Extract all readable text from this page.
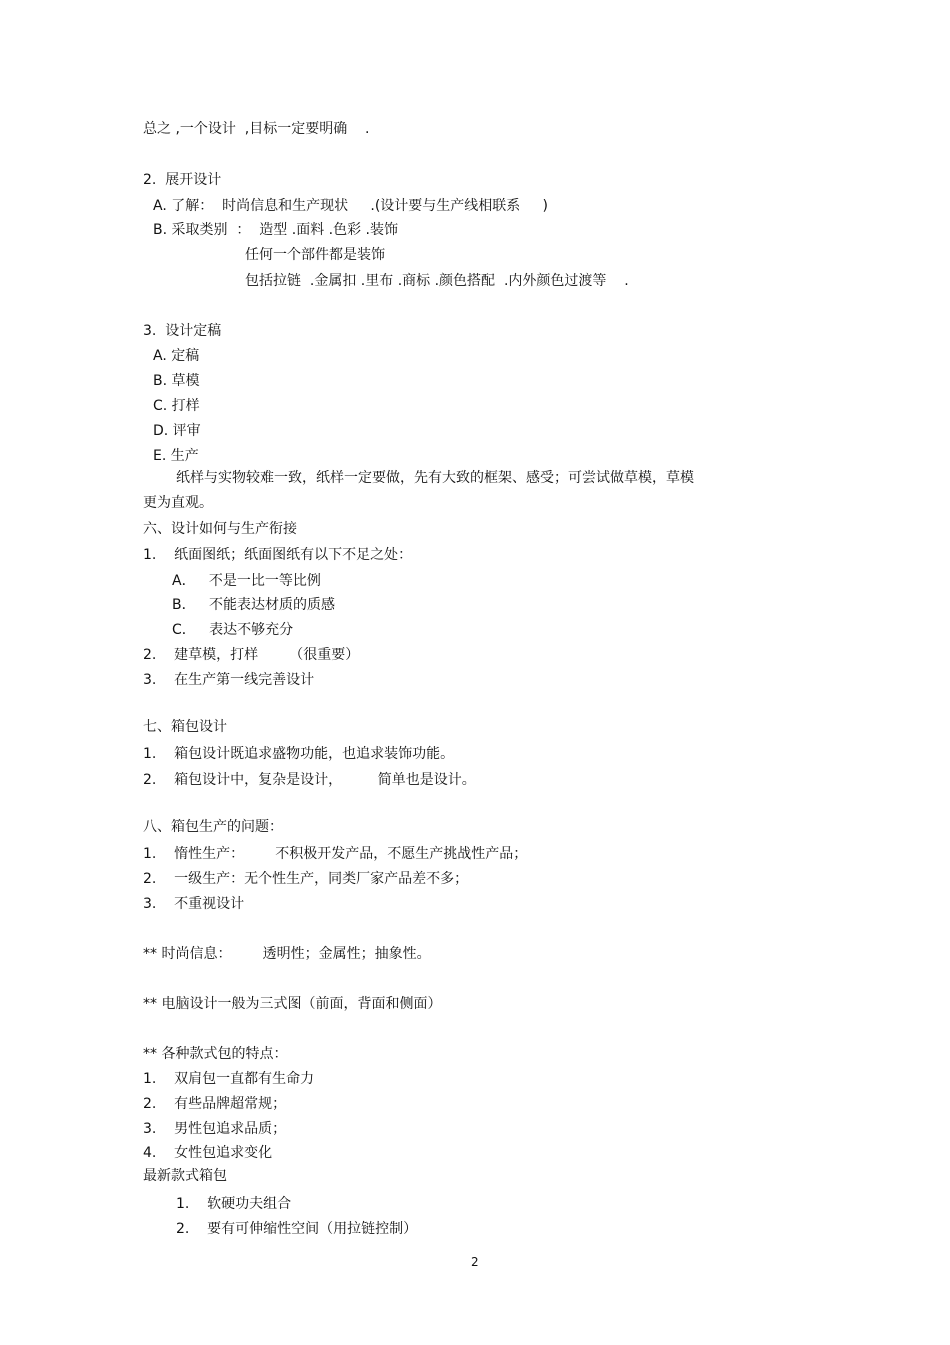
总之 ,一个设计  ,目标一定要明确    .
2.  展开设计
A. 了解：  时尚信息和生产现状     .(设计要与生产线相联系     )
B. 采取类别  ：  造型 .面料 .色彩 .装饰
任何一个部件都是装饰
包括拉链  .金属扣 .里布 .商标 .颜色搭配  .内外颜色过渡等    .
3.  设计定稿
A. 定稿
B. 草模
C. 打样
D. 评审
E. 生产
纸样与实物较难一致，纸样一定要做，先有大致的框架、感受；可尝试做草模，草模
更为直观。
六、设计如何与生产衔接
1.    纸面图纸；纸面图纸有以下不足之处：
A．   不是一比一等比例
B．   不能表达材质的质感
C．   表达不够充分
2.    建草模，打样       （很重要）
3.    在生产第一线完善设计
七、箱包设计
1.    箱包设计既追求盛物功能，也追求装饰功能。
2.    箱包设计中，复杂是设计，        简单也是设计。
八、箱包生产的问题：
1.    惰性生产：       不积极开发产品，不愿生产挑战性产品；
2.    一级生产：无个性生产，同类厂家产品差不多；
3.    不重视设计
** 时尚信息：       透明性；金属性；抽象性。
** 电脑设计一般为三式图（前面，背面和侧面）
** 各种款式包的特点：
1.    双肩包一直都有生命力
2.    有些品牌超常规；
3.    男性包追求品质；
4.    女性包追求变化
最新款式箱包
1.    软硬功夫组合
2.    要有可伸缩性空间（用拉链控制）
2
